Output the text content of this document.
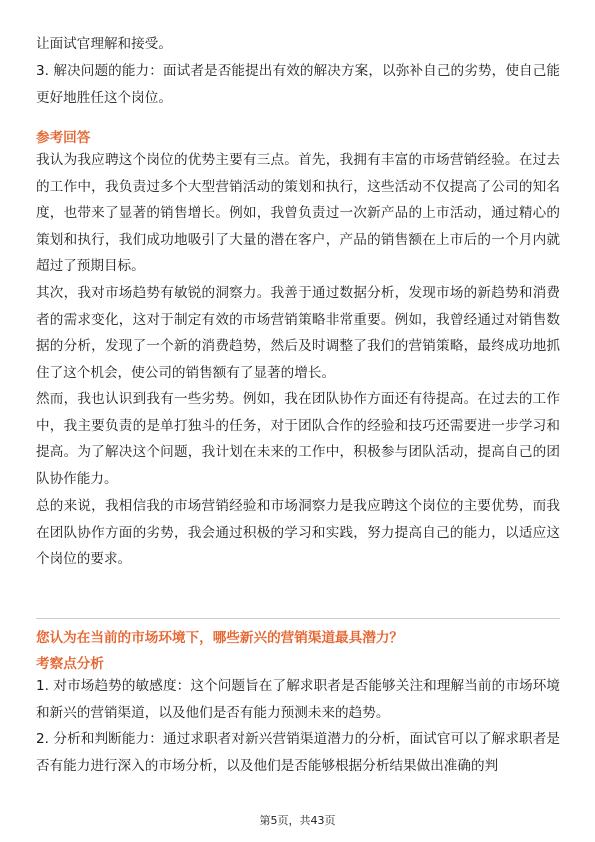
让面试官理解和接受。

3. 解决问题的能力：面试者是否能提出有效的解决方案，以弥补自己的劣势，使自己能更好地胜任这个岗位。

参考回答

我认为我应聘这个岗位的优势主要有三点。首先，我拥有丰富的市场营销经验。在过去的工作中，我负责过多个大型营销活动的策划和执行，这些活动不仅提高了公司的知名度，也带来了显著的销售增长。例如，我曾负责过一次新产品的上市活动，通过精心的策划和执行，我们成功地吸引了大量的潜在客户，产品的销售额在上市后的一个月内就超过了预期目标。

其次，我对市场趋势有敏锐的洞察力。我善于通过数据分析，发现市场的新趋势和消费者的需求变化，这对于制定有效的市场营销策略非常重要。例如，我曾经通过对销售数据的分析，发现了一个新的消费趋势，然后及时调整了我们的营销策略，最终成功地抓住了这个机会，使公司的销售额有了显著的增长。

然而，我也认识到我有一些劣势。例如，我在团队协作方面还有待提高。在过去的工作中，我主要负责的是单打独斗的任务，对于团队合作的经验和技巧还需要进一步学习和提高。为了解决这个问题，我计划在未来的工作中，积极参与团队活动，提高自己的团队协作能力。

总的来说，我相信我的市场营销经验和市场洞察力是我应聘这个岗位的主要优势，而我在团队协作方面的劣势，我会通过积极的学习和实践，努力提高自己的能力，以适应这个岗位的要求。

您认为在当前的市场环境下，哪些新兴的营销渠道最具潜力？
考察点分析

1. 对市场趋势的敏感度：这个问题旨在了解求职者是否能够关注和理解当前的市场环境和新兴的营销渠道，以及他们是否有能力预测未来的趋势。

2. 分析和判断能力：通过求职者对新兴营销渠道潜力的分析，面试官可以了解求职者是否有能力进行深入的市场分析，以及他们是否能够根据分析结果做出准确的判

第5页，共43页
